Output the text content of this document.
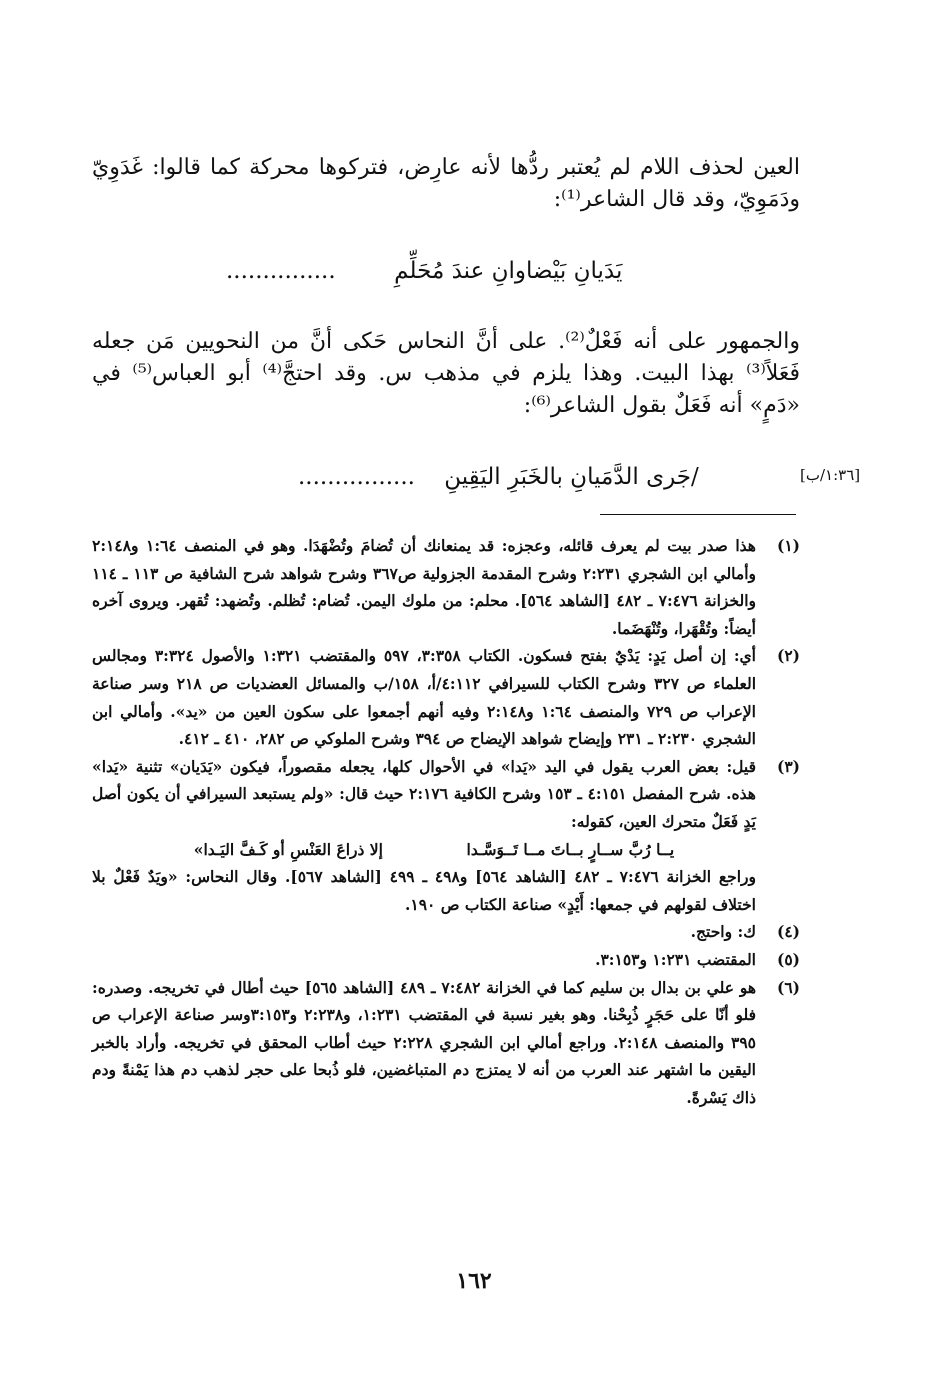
العين لحذف اللام لم يُعتبر ردُّها لأنه عارِض، فتركوها محركة كما قالوا: غَدَوِيّ ودَمَوِيّ، وقد قال الشاعر⁽¹⁾:
يَدَيانِ بَيْضاوانِ عندَ مُحَلِّمِ        ...............
والجمهور على أنه فَعْلٌ⁽²⁾. على أنَّ النحاس حَكى أنَّ من النحويين مَن جعله فَعَلاً⁽³⁾ بهذا البيت. وهذا يلزم في مذهب س. وقد احتجَّ⁽⁴⁾ أبو العباس⁽⁵⁾ في «دَمٍ» أنه فَعَلٌ بقول الشاعر⁽⁶⁾:
/جَرى الدَّمَيانِ بالخَبَرِ اليَقِينِ    ................	[١:٣٦/ب]
(١)
هذا صدر بيت لم يعرف قائله، وعجزه: قد يمنعانك أن تُضامَ وتُضْهَدَا. وهو في المنصف ١:٦٤ و٢:١٤٨ وأمالي ابن الشجري ٢:٢٣١ وشرح المقدمة الجزولية ص٣٦٧ وشرح شواهد شرح الشافية ص ١١٣ ـ ١١٤ والخزانة ٧:٤٧٦ ـ ٤٨٢ [الشاهد ٥٦٤]. محلم: من ملوك اليمن. تُضام: تُظلم. وتُضهد: تُقهر. ويروى آخره أيضاً: وتُقْهَرا، وتُنْهَضَما.
(٢)
أي: إن أصل يَدٍ: يَدْيٌ بفتح فسكون. الكتاب ٣:٣٥٨، ٥٩٧ والمقتضب ١:٣٢١ والأصول ٣:٣٢٤ ومجالس العلماء ص ٣٢٧ وشرح الكتاب للسيرافي ٤:١١٢/أ، ١٥٨/ب والمسائل العضديات ص ٢١٨ وسر صناعة الإعراب ص ٧٢٩ والمنصف ١:٦٤ و٢:١٤٨ وفيه أنهم أجمعوا على سكون العين من «يد». وأمالي ابن الشجري ٢:٢٣٠ ـ ٢٣١ وإيضاح شواهد الإيضاح ص ٣٩٤ وشرح الملوكي ص ٢٨٢، ٤١٠ ـ ٤١٢.
(٣)
قيل: بعض العرب يقول في اليد «يَدا» في الأحوال كلها، يجعله مقصوراً، فيكون «يَدَيان» تثنية «يَدا» هذه. شرح المفصل ٤:١٥١ ـ ١٥٣ وشرح الكافية ٢:١٧٦ حيث قال: «ولم يستبعد السيرافي أن يكون أصل يَدٍ فَعَلٌ متحرك العين، كقوله:
يــا رُبَّ ســارٍ بــاتَ مــا تَــوَسَّـدا
إلا ذراعَ العَنْسِ أو كَـفَّ اليَـدا»
وراجع الخزانة ٧:٤٧٦ ـ ٤٨٢ [الشاهد ٥٦٤] و٤٩٨ ـ ٤٩٩ [الشاهد ٥٦٧]. وقال النحاس: «ويَدٌ فَعْلٌ بلا اختلاف لقولهم في جمعها: أَيْدٍ» صناعة الكتاب ص ١٩٠.
(٤)
ك: واحتج.
(٥)
المقتضب ١:٢٣١ و٣:١٥٣.
(٦)
هو علي بن بدال بن سليم كما في الخزانة ٧:٤٨٢ ـ ٤٨٩ [الشاهد ٥٦٥] حيث أطال في تخريجه. وصدره: فلو أنّا على حَجَرٍ ذُبِحْنا. وهو بغير نسبة في المقتضب ١:٢٣١، و٢:٢٣٨ و٣:١٥٣وسر صناعة الإعراب ص ٣٩٥ والمنصف ٢:١٤٨. وراجع أمالي ابن الشجري ٢:٢٢٨ حيث أطاب المحقق في تخريجه. وأراد بالخبر اليقين ما اشتهر عند العرب من أنه لا يمتزج دم المتباغضين، فلو ذُبحا على حجر لذهب دم هذا يَمْنةً ودم ذاك يَسْرةً.
١٦٢
